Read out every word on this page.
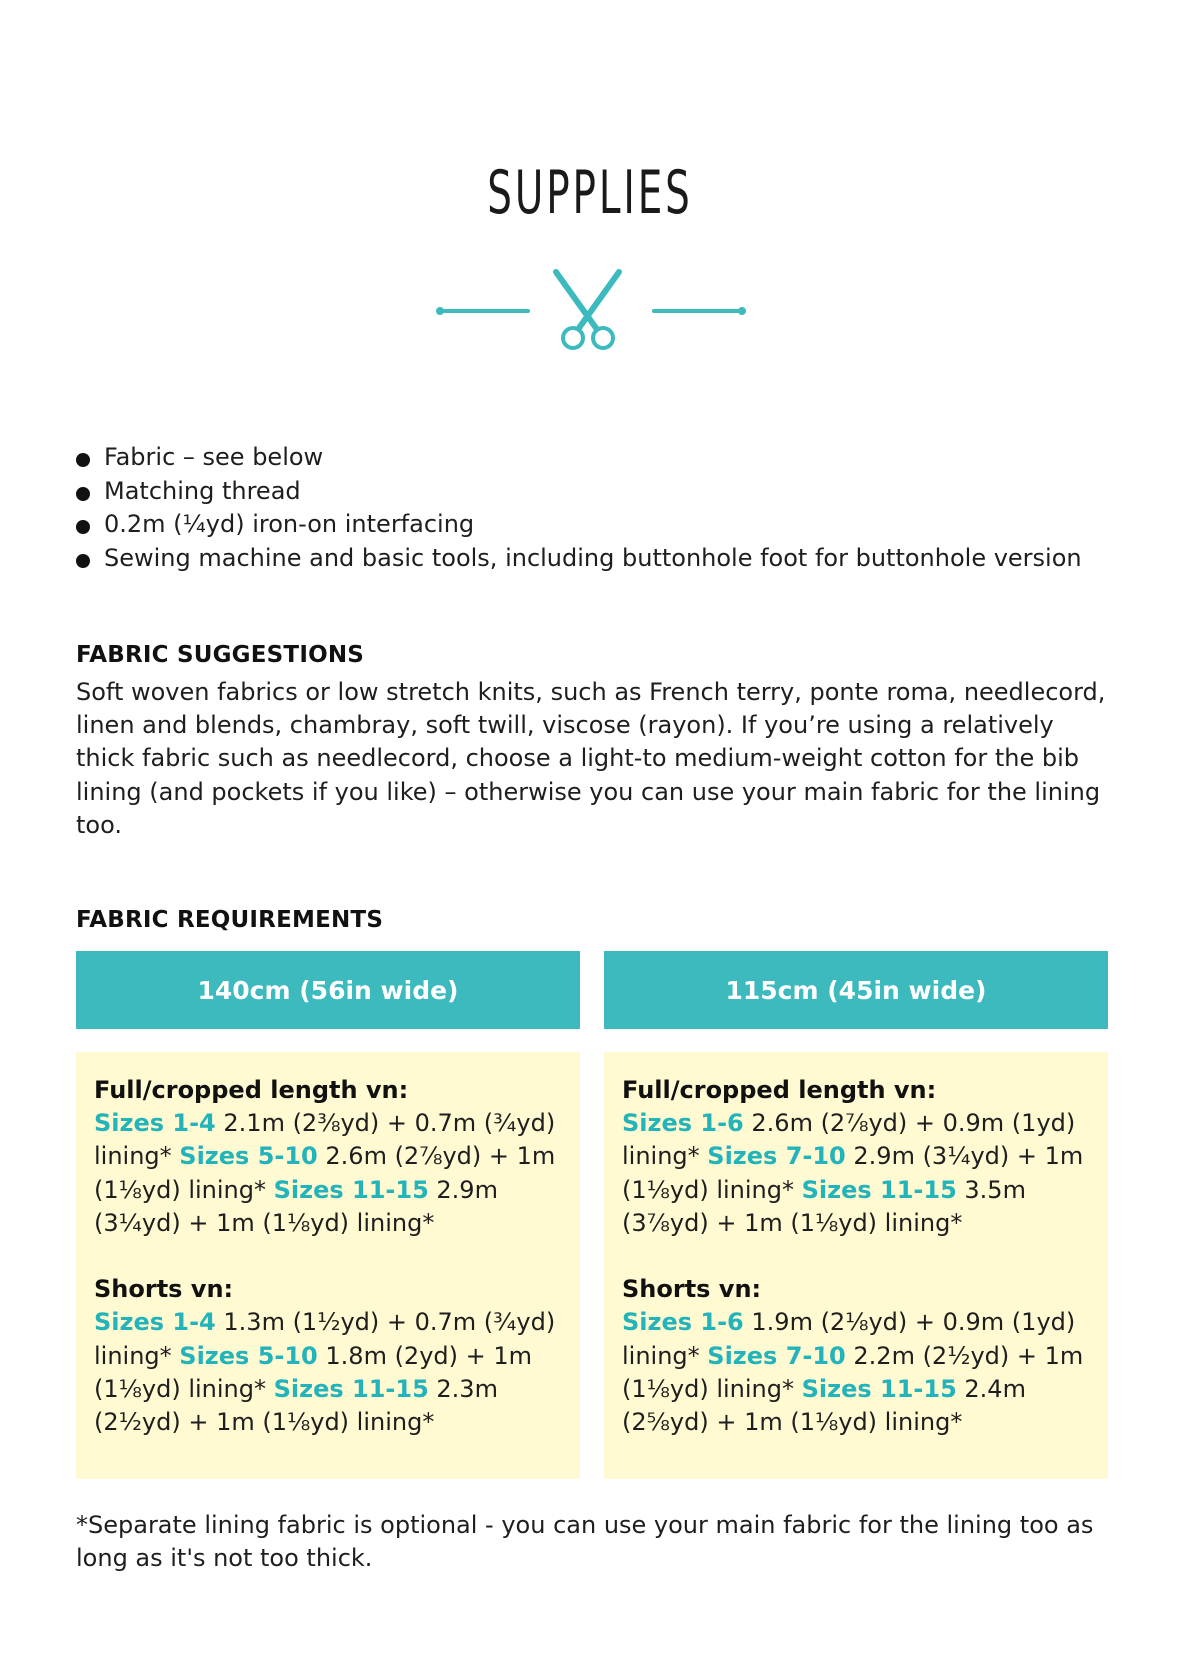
SUPPLIES
Fabric – see below
Matching thread
0.2m (¼yd) iron-on interfacing
Sewing machine and basic tools, including buttonhole foot for buttonhole version
FABRIC SUGGESTIONS
Soft woven fabrics or low stretch knits, such as French terry, ponte roma, needlecord, linen and blends, chambray, soft twill, viscose (rayon). If you’re using a relatively thick fabric such as needlecord, choose a light-to medium-weight cotton for the bib lining (and pockets if you like) – otherwise you can use your main fabric for the lining too.
FABRIC REQUIREMENTS
140cm (56in wide)	115cm (45in wide)
Full/cropped length vn:
Sizes 1-4 2.1m (2⅜yd) + 0.7m (¾yd) lining* Sizes 5-10 2.6m (2⅞yd) + 1m (1⅛yd) lining* Sizes 11-15 2.9m (3¼yd) + 1m (1⅛yd) lining*
Shorts vn:
Sizes 1-4 1.3m (1½yd) + 0.7m (¾yd) lining* Sizes 5-10 1.8m (2yd) + 1m (1⅛yd) lining* Sizes 11-15 2.3m (2½yd) + 1m (1⅛yd) lining*
Full/cropped length vn:
Sizes 1-6 2.6m (2⅞yd) + 0.9m (1yd) lining* Sizes 7-10 2.9m (3¼yd) + 1m (1⅛yd) lining* Sizes 11-15 3.5m (3⅞yd) + 1m (1⅛yd) lining*
Shorts vn:
Sizes 1-6 1.9m (2⅛yd) + 0.9m (1yd) lining* Sizes 7-10 2.2m (2½yd) + 1m (1⅛yd) lining* Sizes 11-15 2.4m (2⅝yd) + 1m (1⅛yd) lining*
*Separate lining fabric is optional - you can use your main fabric for the lining too as long as it's not too thick.
